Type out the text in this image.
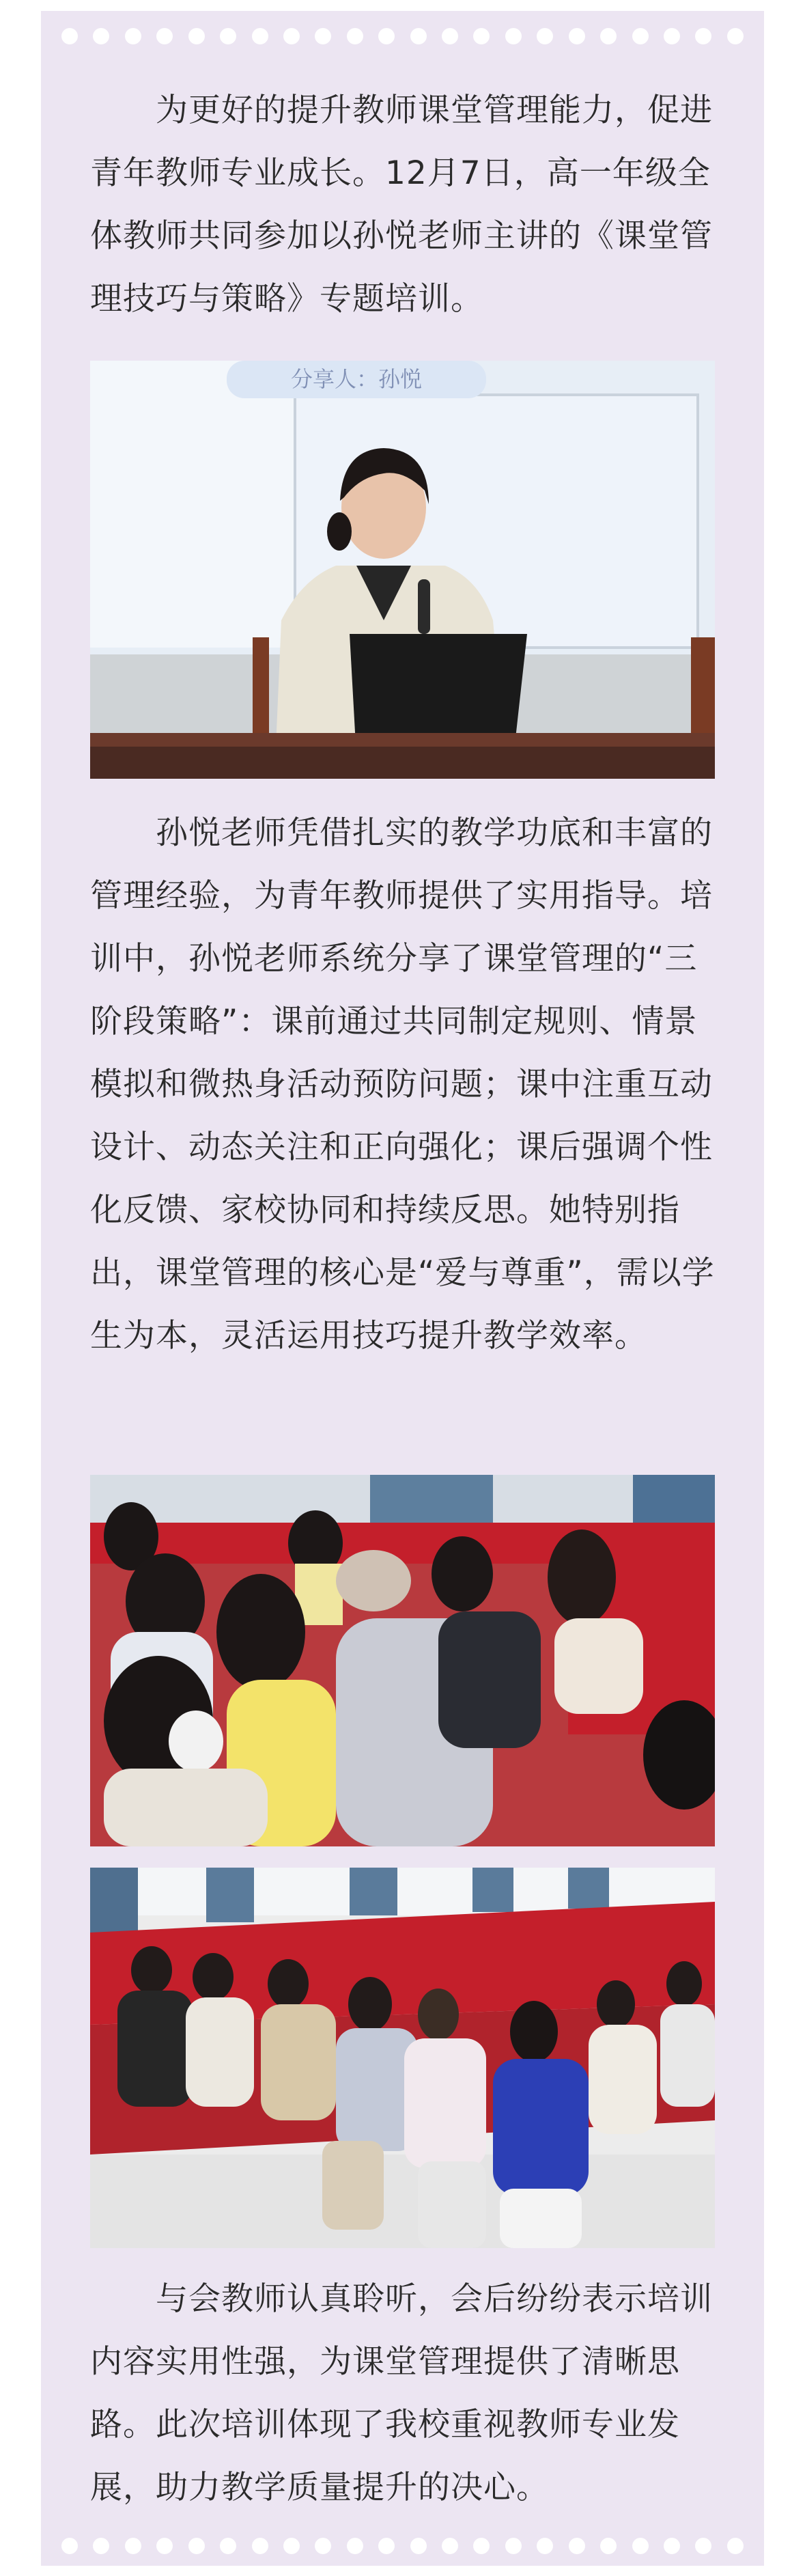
为更好的提升教师课堂管理能力，促进青年教师专业成长。12月7日，高一年级全体教师共同参加以孙悦老师主讲的《课堂管理技巧与策略》专题培训。

分享人：孙悦

孙悦老师凭借扎实的教学功底和丰富的管理经验，为青年教师提供了实用指导。培训中，孙悦老师系统分享了课堂管理的“三阶段策略”：课前通过共同制定规则、情景模拟和微热身活动预防问题；课中注重互动设计、动态关注和正向强化；课后强调个性化反馈、家校协同和持续反思。她特别指出，课堂管理的核心是“爱与尊重”，需以学生为本，灵活运用技巧提升教学效率。

与会教师认真聆听，会后纷纷表示培训内容实用性强，为课堂管理提供了清晰思路。此次培训体现了我校重视教师专业发展，助力教学质量提升的决心。
